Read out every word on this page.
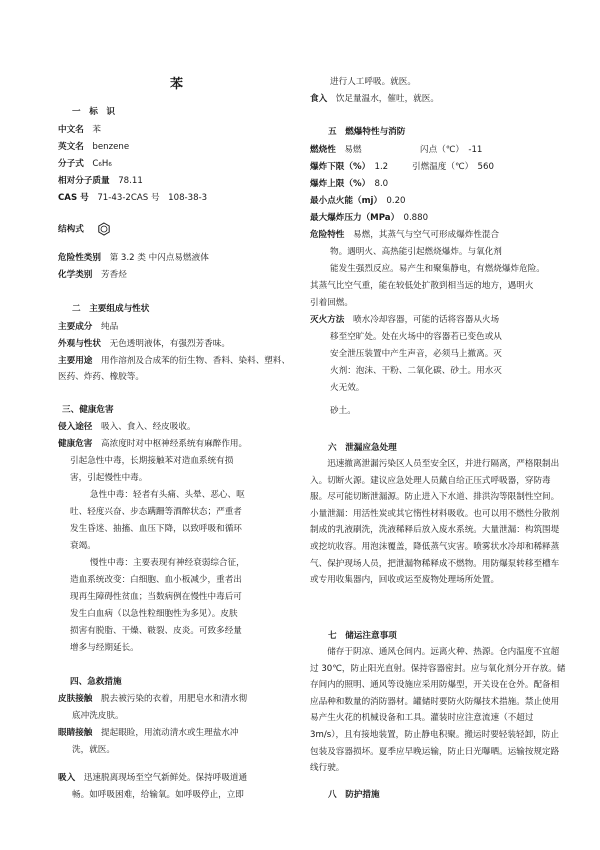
苯
一　标　识
中文名　 苯
英文名　 benzene
分子式　 C₆H₆
相对分子质量　 78.11
CAS 号　 71-43-2CAS 号　108-38-3
结构式
危险性类别　 第 3.2 类 中闪点易燃液体
化学类别　 芳香烃
二　主要组成与性状
主要成分　 纯品
外观与性状　 无色透明液体，有强烈芳香味。
主要用途　 用作溶剂及合成苯的衍生物、香料、染料、塑料、
医药、炸药、橡胶等。
三、健康危害
侵入途径　 吸入、食入、经皮吸收。
健康危害　 高浓度时对中枢神经系统有麻醉作用。
引起急性中毒，长期接触苯对造血系统有损
害，引起慢性中毒。
急性中毒：轻者有头痛、头晕、恶心、呕
吐、轻度兴奋、步态蹒跚等酒醉状态；严重者
发生昏迷、抽搐、血压下降，以致呼吸和循环
衰竭。
慢性中毒：主要表现有神经衰弱综合征，
造血系统改变：白细胞、血小板减少，重者出
现再生障碍性贫血；当数病例在慢性中毒后可
发生白血病（以急性粒细胞性为多见）。皮肤
损害有脱脂、干燥、皲裂、皮炎。可致多经量
增多与经期延长。
四、急救措施
皮肤接触　 脱去被污染的衣着，用肥皂水和清水彻
底冲洗皮肤。
眼睛接触　 提起眼睑，用流动清水或生理盐水冲
洗，就医。
吸入　 迅速脱离现场至空气新鲜处。保持呼吸道通
畅。如呼吸困难，给输氧。如呼吸停止，立即
进行人工呼吸。就医。
食入　 饮足量温水，催吐，就医。
五　燃爆特性与消防
燃烧性　 易燃	闪点（℃）　 -11
爆炸下限（%）　 1.2	引燃温度（℃）　 560
爆炸上限（%）　 8.0
最小点火能（mj）　 0.20
最大爆炸压力（MPa）　 0.880
危险特性　 易燃，其蒸气与空气可形成爆炸性混合
物。遇明火、高热能引起燃烧爆炸。与氧化剂
能发生强烈反应。易产生和聚集静电，有燃烧爆炸危险。
其蒸气比空气重，能在较低处扩散到相当远的地方，遇明火
引着回燃。
灭火方法　 喷水冷却容器，可能的话将容器从火场
移至空旷处。处在火场中的容器若已变色或从
安全泄压装置中产生声音，必须马上撤离。灭
火剂：泡沫、干粉、二氧化碳、砂土。用水灭
火无效。
砂土。
六　泄漏应急处理
迅速撤离泄漏污染区人员至安全区，并进行隔离，严格限制出入。切断火源。建议应急处理人员戴自给正压式呼吸器，穿防毒服。尽可能切断泄漏源。防止进入下水道、排洪沟等限制性空间。小量泄漏：用活性炭或其它惰性材料吸收。也可以用不燃性分散剂制成的乳液刷洗，洗液稀释后放入废水系统。大量泄漏：构筑围堤或挖坑收容。用泡沫覆盖，降低蒸气灾害。喷雾状水冷却和稀释蒸气、保护现场人员，把泄漏物稀释成不燃物。用防爆泵转移至槽车或专用收集器内，回收或运至废物处理场所处置。
七　储运注意事项
储存于阴凉、通风仓间内。远离火种、热源。仓内温度不宜超过 30℃，防止阳光直射。保持容器密封。应与氧化剂分开存放。储存间内的照明、通风等设施应采用防爆型，开关设在仓外。配备相应品种和数量的消防器材。罐储时要防火防爆技术措施。禁止使用易产生火花的机械设备和工具。灌装时应注意流速（不超过 3m/s），且有接地装置，防止静电积聚。搬运时要轻装轻卸，防止包装及容器损坏。夏季应早晚运输，防止日光曝晒。运输按规定路线行驶。
八　防护措施
